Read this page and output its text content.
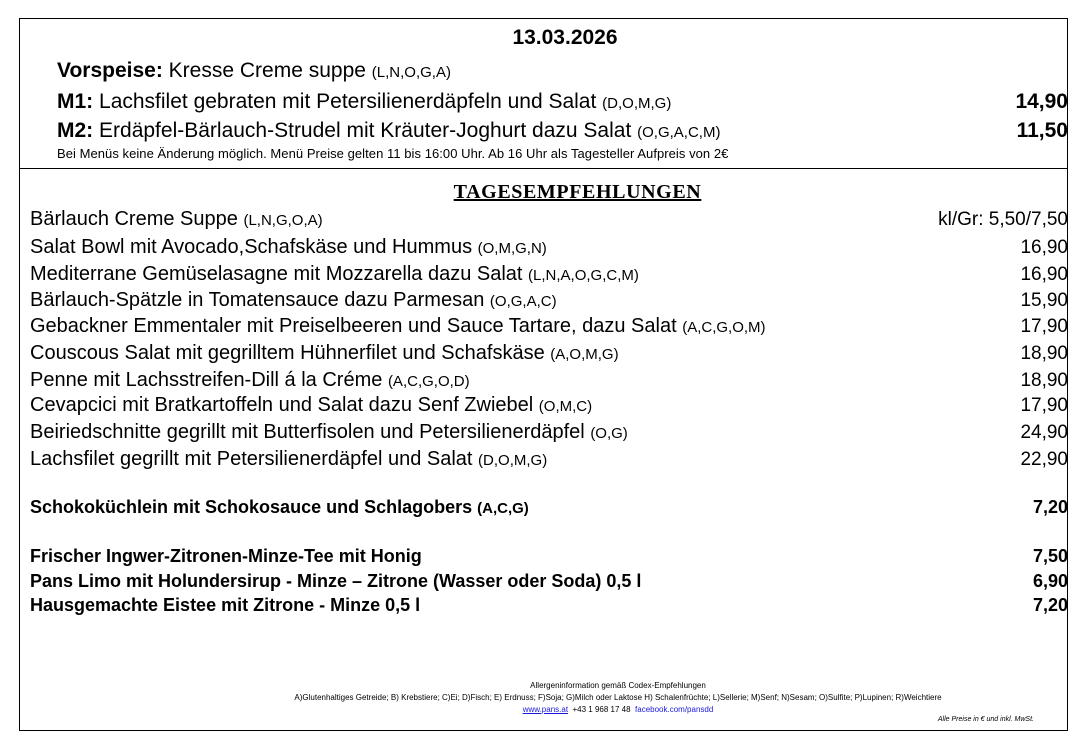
13.03.2026
Vorspeise: Kresse Creme suppe (L,N,O,G,A)
M1: Lachsfilet gebraten mit Petersilienerdäpfeln und Salat (D,O,M,G)	14,90
M2: Erdäpfel-Bärlauch-Strudel mit Kräuter-Joghurt dazu Salat (O,G,A,C,M)	11,50
Bei Menüs keine Änderung möglich. Menü Preise gelten 11 bis 16:00 Uhr. Ab 16 Uhr als Tagesteller Aufpreis von 2€
TAGESEMPFEHLUNGEN
Bärlauch Creme Suppe (L,N,G,O,A)	kl/Gr: 5,50/7,50
Salat Bowl mit Avocado,Schafskäse und Hummus (O,M,G,N)	16,90
Mediterrane Gemüselasagne mit Mozzarella dazu Salat (L,N,A,O,G,C,M)	16,90
Bärlauch-Spätzle in Tomatensauce dazu Parmesan (O,G,A,C)	15,90
Gebackner Emmentaler mit Preiselbeeren und Sauce Tartare, dazu Salat (A,C,G,O,M)	17,90
Couscous Salat mit gegrilltem Hühnerfilet und Schafskäse (A,O,M,G)	18,90
Penne mit Lachsstreifen-Dill á la Créme (A,C,G,O,D)	18,90
Cevapcici mit Bratkartoffeln und Salat dazu Senf Zwiebel (O,M,C)	17,90
Beiriedschnitte gegrillt mit Butterfisolen und Petersilienerdäpfel (O,G)	24,90
Lachsfilet gegrillt mit Petersilienerdäpfel und Salat (D,O,M,G)	22,90
Schokoküchlein mit Schokosauce und Schlagobers (A,C,G)	7,20
Frischer Ingwer-Zitronen-Minze-Tee mit Honig	7,50
Pans Limo mit Holundersirup - Minze – Zitrone (Wasser oder Soda) 0,5 l	6,90
Hausgemachte Eistee mit Zitrone - Minze 0,5 l	7,20
Allergeninformation gemäß Codex-Empfehlungen
A)Glutenhaltiges Getreide; B) Krebstiere; C)Ei; D)Fisch; E) Erdnuss; F)Soja; G)Milch oder Laktose H) Schalenfrüchte; L)Sellerie; M)Senf; N)Sesam; O)Sulfite; P)Lupinen; R)Weichtiere
www.pans.at +43 1 968 17 48 facebook.com/pansdd
Alle Preise in € und inkl. MwSt.
